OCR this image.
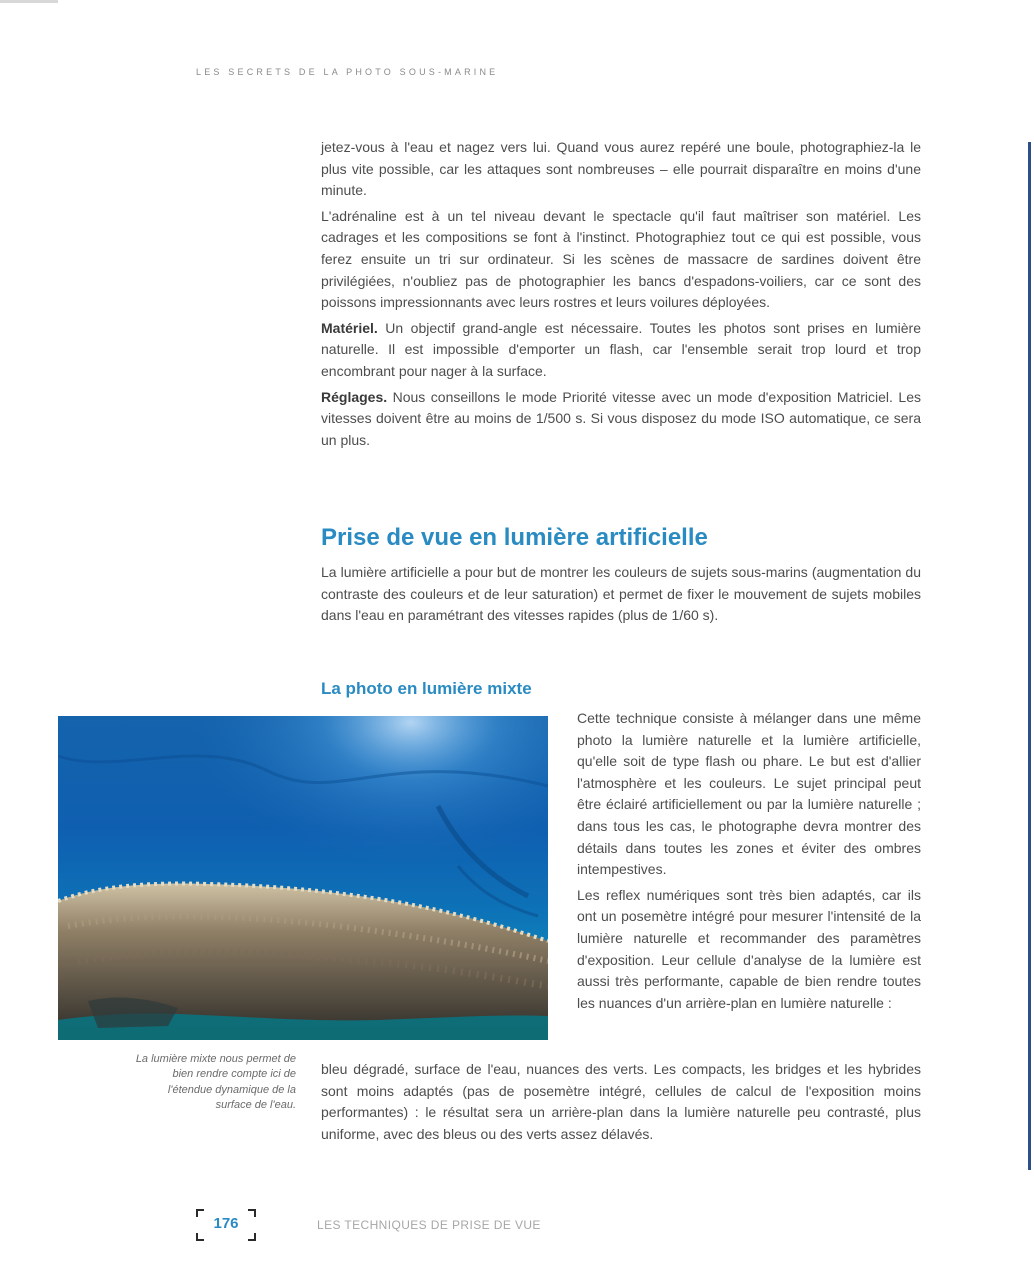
LES SECRETS DE LA PHOTO SOUS-MARINE

jetez-vous à l'eau et nagez vers lui. Quand vous aurez repéré une boule, photographiez-la le plus vite possible, car les attaques sont nombreuses – elle pourrait disparaître en moins d'une minute.

L'adrénaline est à un tel niveau devant le spectacle qu'il faut maîtriser son matériel. Les cadrages et les compositions se font à l'instinct. Photographiez tout ce qui est possible, vous ferez ensuite un tri sur ordinateur. Si les scènes de massacre de sardines doivent être privilégiées, n'oubliez pas de photographier les bancs d'espadons-voiliers, car ce sont des poissons impressionnants avec leurs rostres et leurs voilures déployées.

Matériel. Un objectif grand-angle est nécessaire. Toutes les photos sont prises en lumière naturelle. Il est impossible d'emporter un flash, car l'ensemble serait trop lourd et trop encombrant pour nager à la surface.

Réglages. Nous conseillons le mode Priorité vitesse avec un mode d'exposition Matriciel. Les vitesses doivent être au moins de 1/500 s. Si vous disposez du mode ISO automatique, ce sera un plus.

Prise de vue en lumière artificielle

La lumière artificielle a pour but de montrer les couleurs de sujets sous-marins (augmentation du contraste des couleurs et de leur saturation) et permet de fixer le mouvement de sujets mobiles dans l'eau en paramétrant des vitesses rapides (plus de 1/60 s).

La photo en lumière mixte
La lumière mixte nous permet de bien rendre compte ici de l'étendue dynamique de la surface de l'eau.

Cette technique consiste à mélanger dans une même photo la lumière naturelle et la lumière artificielle, qu'elle soit de type flash ou phare. Le but est d'allier l'atmosphère et les couleurs. Le sujet principal peut être éclairé artificiellement ou par la lumière naturelle ; dans tous les cas, le photographe devra montrer des détails dans toutes les zones et éviter des ombres intempestives.

Les reflex numériques sont très bien adaptés, car ils ont un posemètre intégré pour mesurer l'intensité de la lumière naturelle et recommander des paramètres d'exposition. Leur cellule d'analyse de la lumière est aussi très performante, capable de bien rendre toutes les nuances d'un arrière-plan en lumière naturelle :

bleu dégradé, surface de l'eau, nuances des verts. Les compacts, les bridges et les hybrides sont moins adaptés (pas de posemètre intégré, cellules de calcul de l'exposition moins performantes) : le résultat sera un arrière-plan dans la lumière naturelle peu contrasté, plus uniforme, avec des bleus ou des verts assez délavés.

176	LES TECHNIQUES DE PRISE DE VUE
